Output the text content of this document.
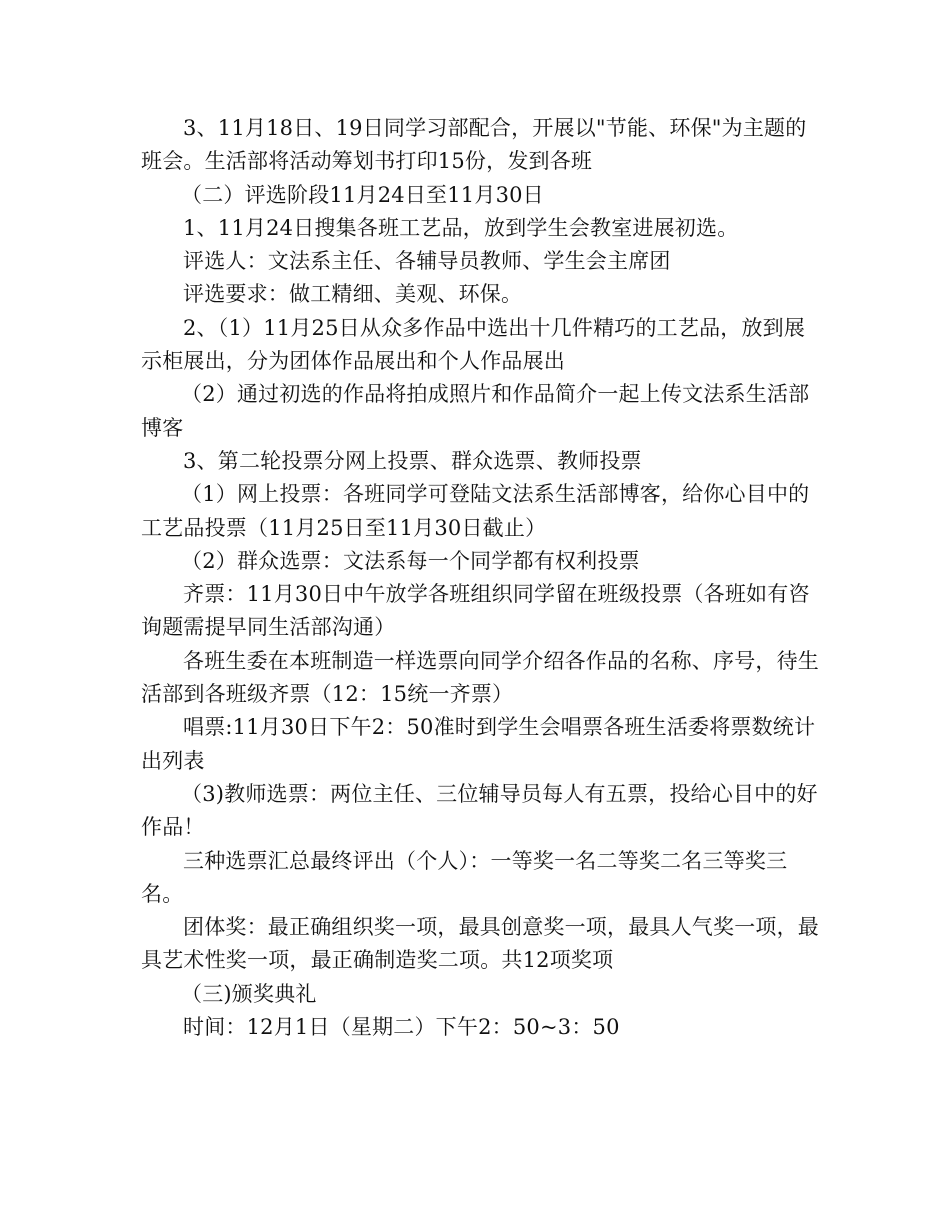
3、11月18日、19日同学习部配合，开展以"节能、环保"为主题的班会。生活部将活动筹划书打印15份，发到各班

（二）评选阶段11月24日至11月30日

1、11月24日搜集各班工艺品，放到学生会教室进展初选。

评选人：文法系主任、各辅导员教师、学生会主席团

评选要求：做工精细、美观、环保。

2、（1）11月25日从众多作品中选出十几件精巧的工艺品，放到展示柜展出，分为团体作品展出和个人作品展出

（2）通过初选的作品将拍成照片和作品简介一起上传文法系生活部博客

3、第二轮投票分网上投票、群众选票、教师投票

（1）网上投票：各班同学可登陆文法系生活部博客，给你心目中的工艺品投票（11月25日至11月30日截止）

（2）群众选票：文法系每一个同学都有权利投票

齐票：11月30日中午放学各班组织同学留在班级投票（各班如有咨询题需提早同生活部沟通）

各班生委在本班制造一样选票向同学介绍各作品的名称、序号，待生活部到各班级齐票（12：15统一齐票）

唱票:11月30日下午2：50准时到学生会唱票各班生活委将票数统计出列表

（3)教师选票：两位主任、三位辅导员每人有五票，投给心目中的好作品！

三种选票汇总最终评出（个人）：一等奖一名二等奖二名三等奖三名。

团体奖：最正确组织奖一项，最具创意奖一项，最具人气奖一项，最具艺术性奖一项，最正确制造奖二项。共12项奖项

（三)颁奖典礼

时间：12月1日（星期二）下午2：50~3：50
